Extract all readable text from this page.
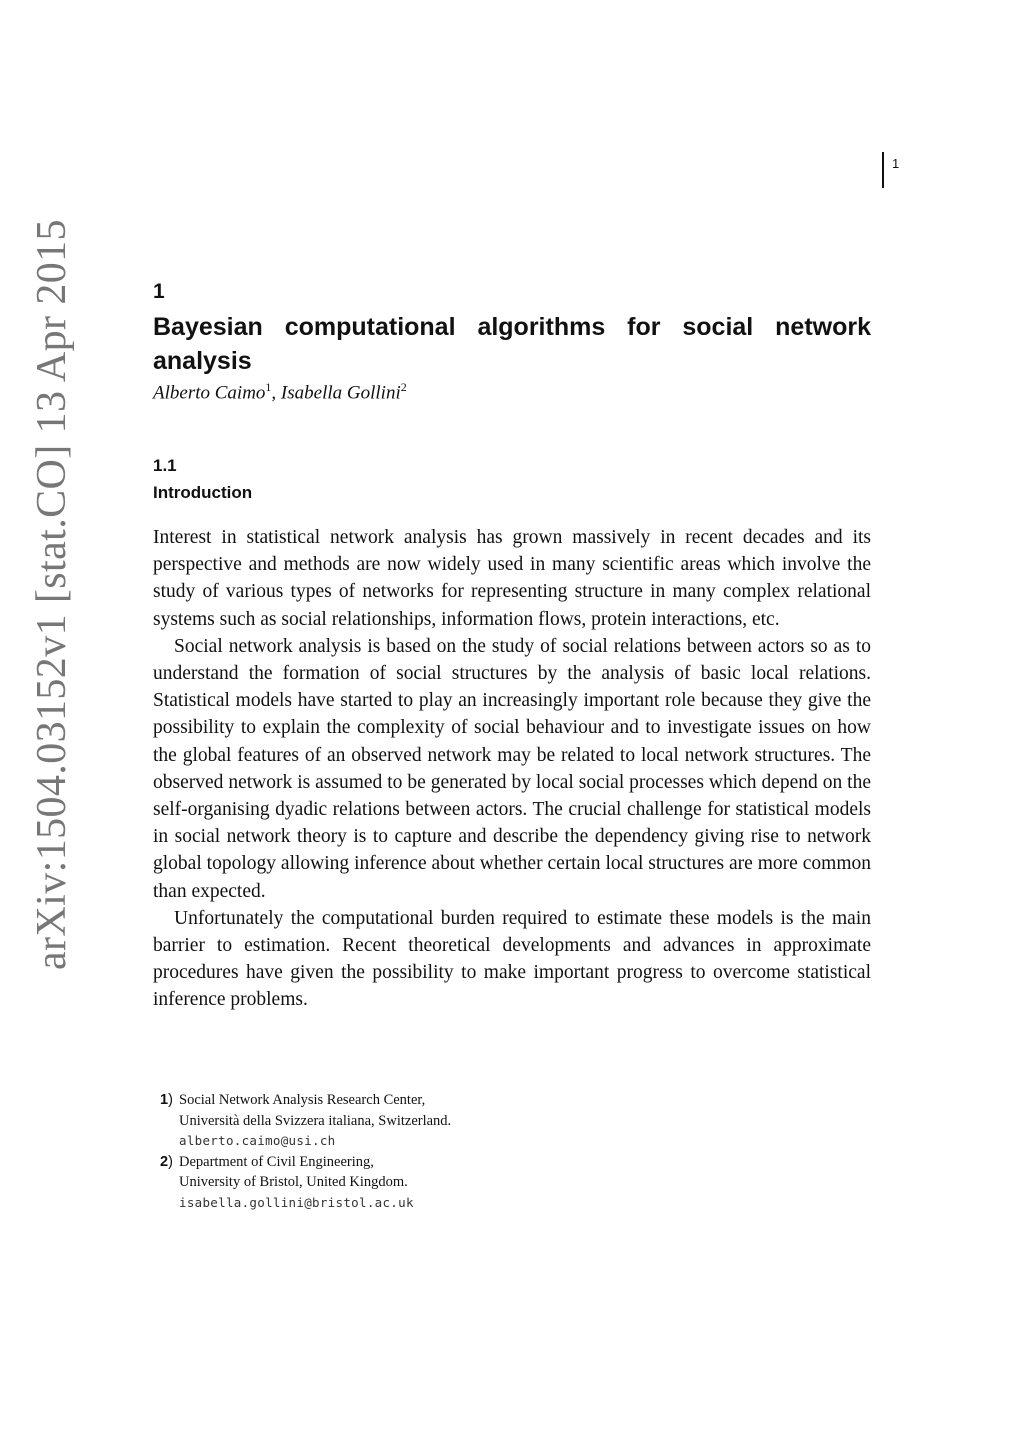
1
arXiv:1504.03152v1 [stat.CO] 13 Apr 2015	1
Bayesian computational algorithms for social network analysis
Alberto Caimo$^1$, Isabella Gollini$^2$
1.1
Introduction

Interest in statistical network analysis has grown massively in recent decades and its perspective and methods are now widely used in many scientific areas which involve the study of various types of networks for representing structure in many complex relational systems such as social relationships, information flows, protein interactions, etc.

Social network analysis is based on the study of social relations between actors so as to understand the formation of social structures by the analysis of basic local relations. Statistical models have started to play an increasingly important role because they give the possibility to explain the complexity of social behaviour and to investigate issues on how the global features of an observed network may be related to local network structures. The observed network is assumed to be generated by local social processes which depend on the self-organising dyadic relations between actors. The crucial challenge for statistical models in social network theory is to capture and describe the dependency giving rise to network global topology allowing inference about whether certain local structures are more common than expected.

Unfortunately the computational burden required to estimate these models is the main barrier to estimation. Recent theoretical developments and advances in approximate procedures have given the possibility to make important progress to overcome statistical inference problems.

1) Social Network Analysis Research Center,
Università della Svizzera italiana, Switzerland.
alberto.caimo@usi.ch
2) Department of Civil Engineering,
University of Bristol, United Kingdom.
isabella.gollini@bristol.ac.uk
